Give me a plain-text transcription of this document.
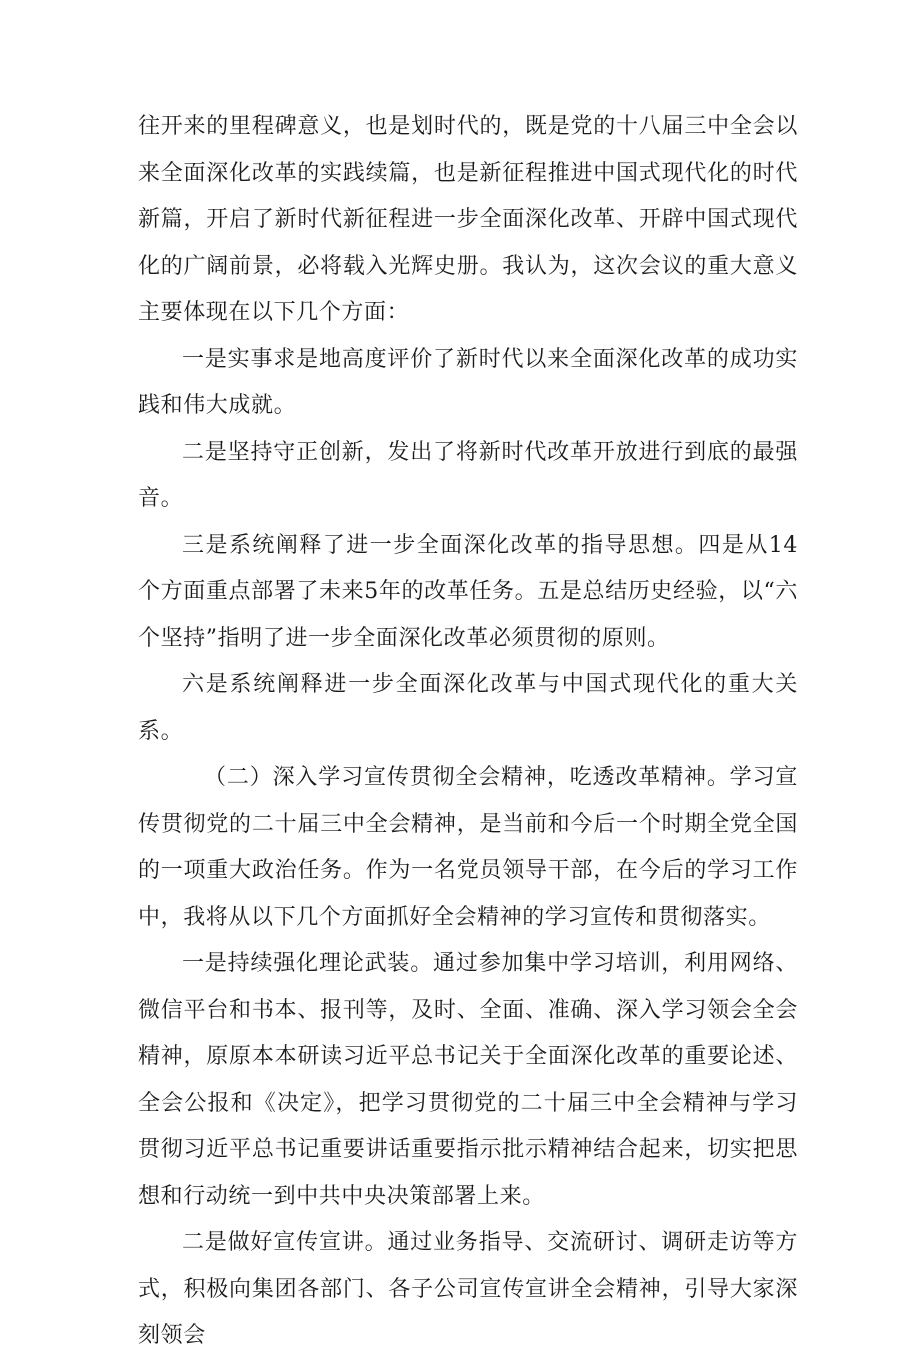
往开来的里程碑意义，也是划时代的，既是党的十八届三中全会以来全面深化改革的实践续篇，也是新征程推进中国式现代化的时代新篇，开启了新时代新征程进一步全面深化改革、开辟中国式现代化的广阔前景，必将载入光辉史册。我认为，这次会议的重大意义主要体现在以下几个方面：

一是实事求是地高度评价了新时代以来全面深化改革的成功实践和伟大成就。

二是坚持守正创新，发出了将新时代改革开放进行到底的最强音。

三是系统阐释了进一步全面深化改革的指导思想。四是从14个方面重点部署了未来5年的改革任务。五是总结历史经验，以“六个坚持”指明了进一步全面深化改革必须贯彻的原则。

六是系统阐释进一步全面深化改革与中国式现代化的重大关系。

（二）深入学习宣传贯彻全会精神，吃透改革精神。学习宣传贯彻党的二十届三中全会精神，是当前和今后一个时期全党全国的一项重大政治任务。作为一名党员领导干部，在今后的学习工作中，我将从以下几个方面抓好全会精神的学习宣传和贯彻落实。

一是持续强化理论武装。通过参加集中学习培训，利用网络、微信平台和书本、报刊等，及时、全面、准确、深入学习领会全会精神，原原本本研读习近平总书记关于全面深化改革的重要论述、全会公报和《决定》，把学习贯彻党的二十届三中全会精神与学习贯彻习近平总书记重要讲话重要指示批示精神结合起来，切实把思想和行动统一到中共中央决策部署上来。

二是做好宣传宣讲。通过业务指导、交流研讨、调研走访等方式，积极向集团各部门、各子公司宣传宣讲全会精神，引导大家深刻领会
